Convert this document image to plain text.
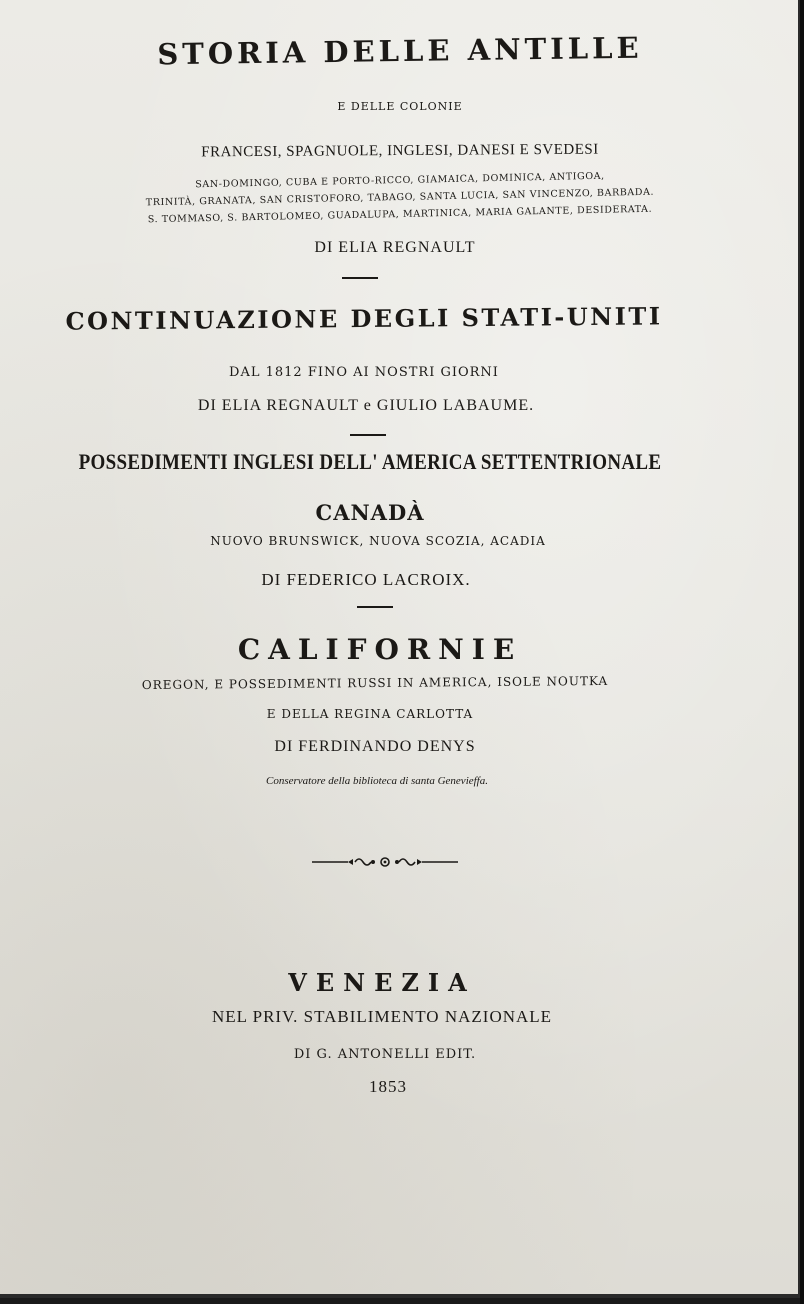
STORIA DELLE ANTILLE
E DELLE COLONIE
FRANCESI, SPAGNUOLE, INGLESI, DANESI E SVEDESI
SAN-DOMINGO, CUBA E PORTO-RICCO, GIAMAICA, DOMINICA, ANTIGOA,
TRINITÀ, GRANATA, SAN CRISTOFORO, TABAGO, SANTA LUCIA, SAN VINCENZO, BARBADA.
S. TOMMASO, S. BARTOLOMEO, GUADALUPA, MARTINICA, MARIA GALANTE, DESIDERATA.
DI ELIA REGNAULT
CONTINUAZIONE DEGLI STATI-UNITI
DAL 1812 FINO AI NOSTRI GIORNI
DI ELIA REGNAULT e GIULIO LABAUME.
POSSEDIMENTI INGLESI DELL' AMERICA SETTENTRIONALE
CANADÀ
NUOVO BRUNSWICK, NUOVA SCOZIA, ACADIA
DI FEDERICO LACROIX.
CALIFORNIE
OREGON, E POSSEDIMENTI RUSSI IN AMERICA, ISOLE NOUTKA
E DELLA REGINA CARLOTTA
DI FERDINANDO DENYS
Conservatore della biblioteca di santa Genevieffa.
VENEZIA
NEL PRIV. STABILIMENTO NAZIONALE
DI G. ANTONELLI EDIT.
1853
